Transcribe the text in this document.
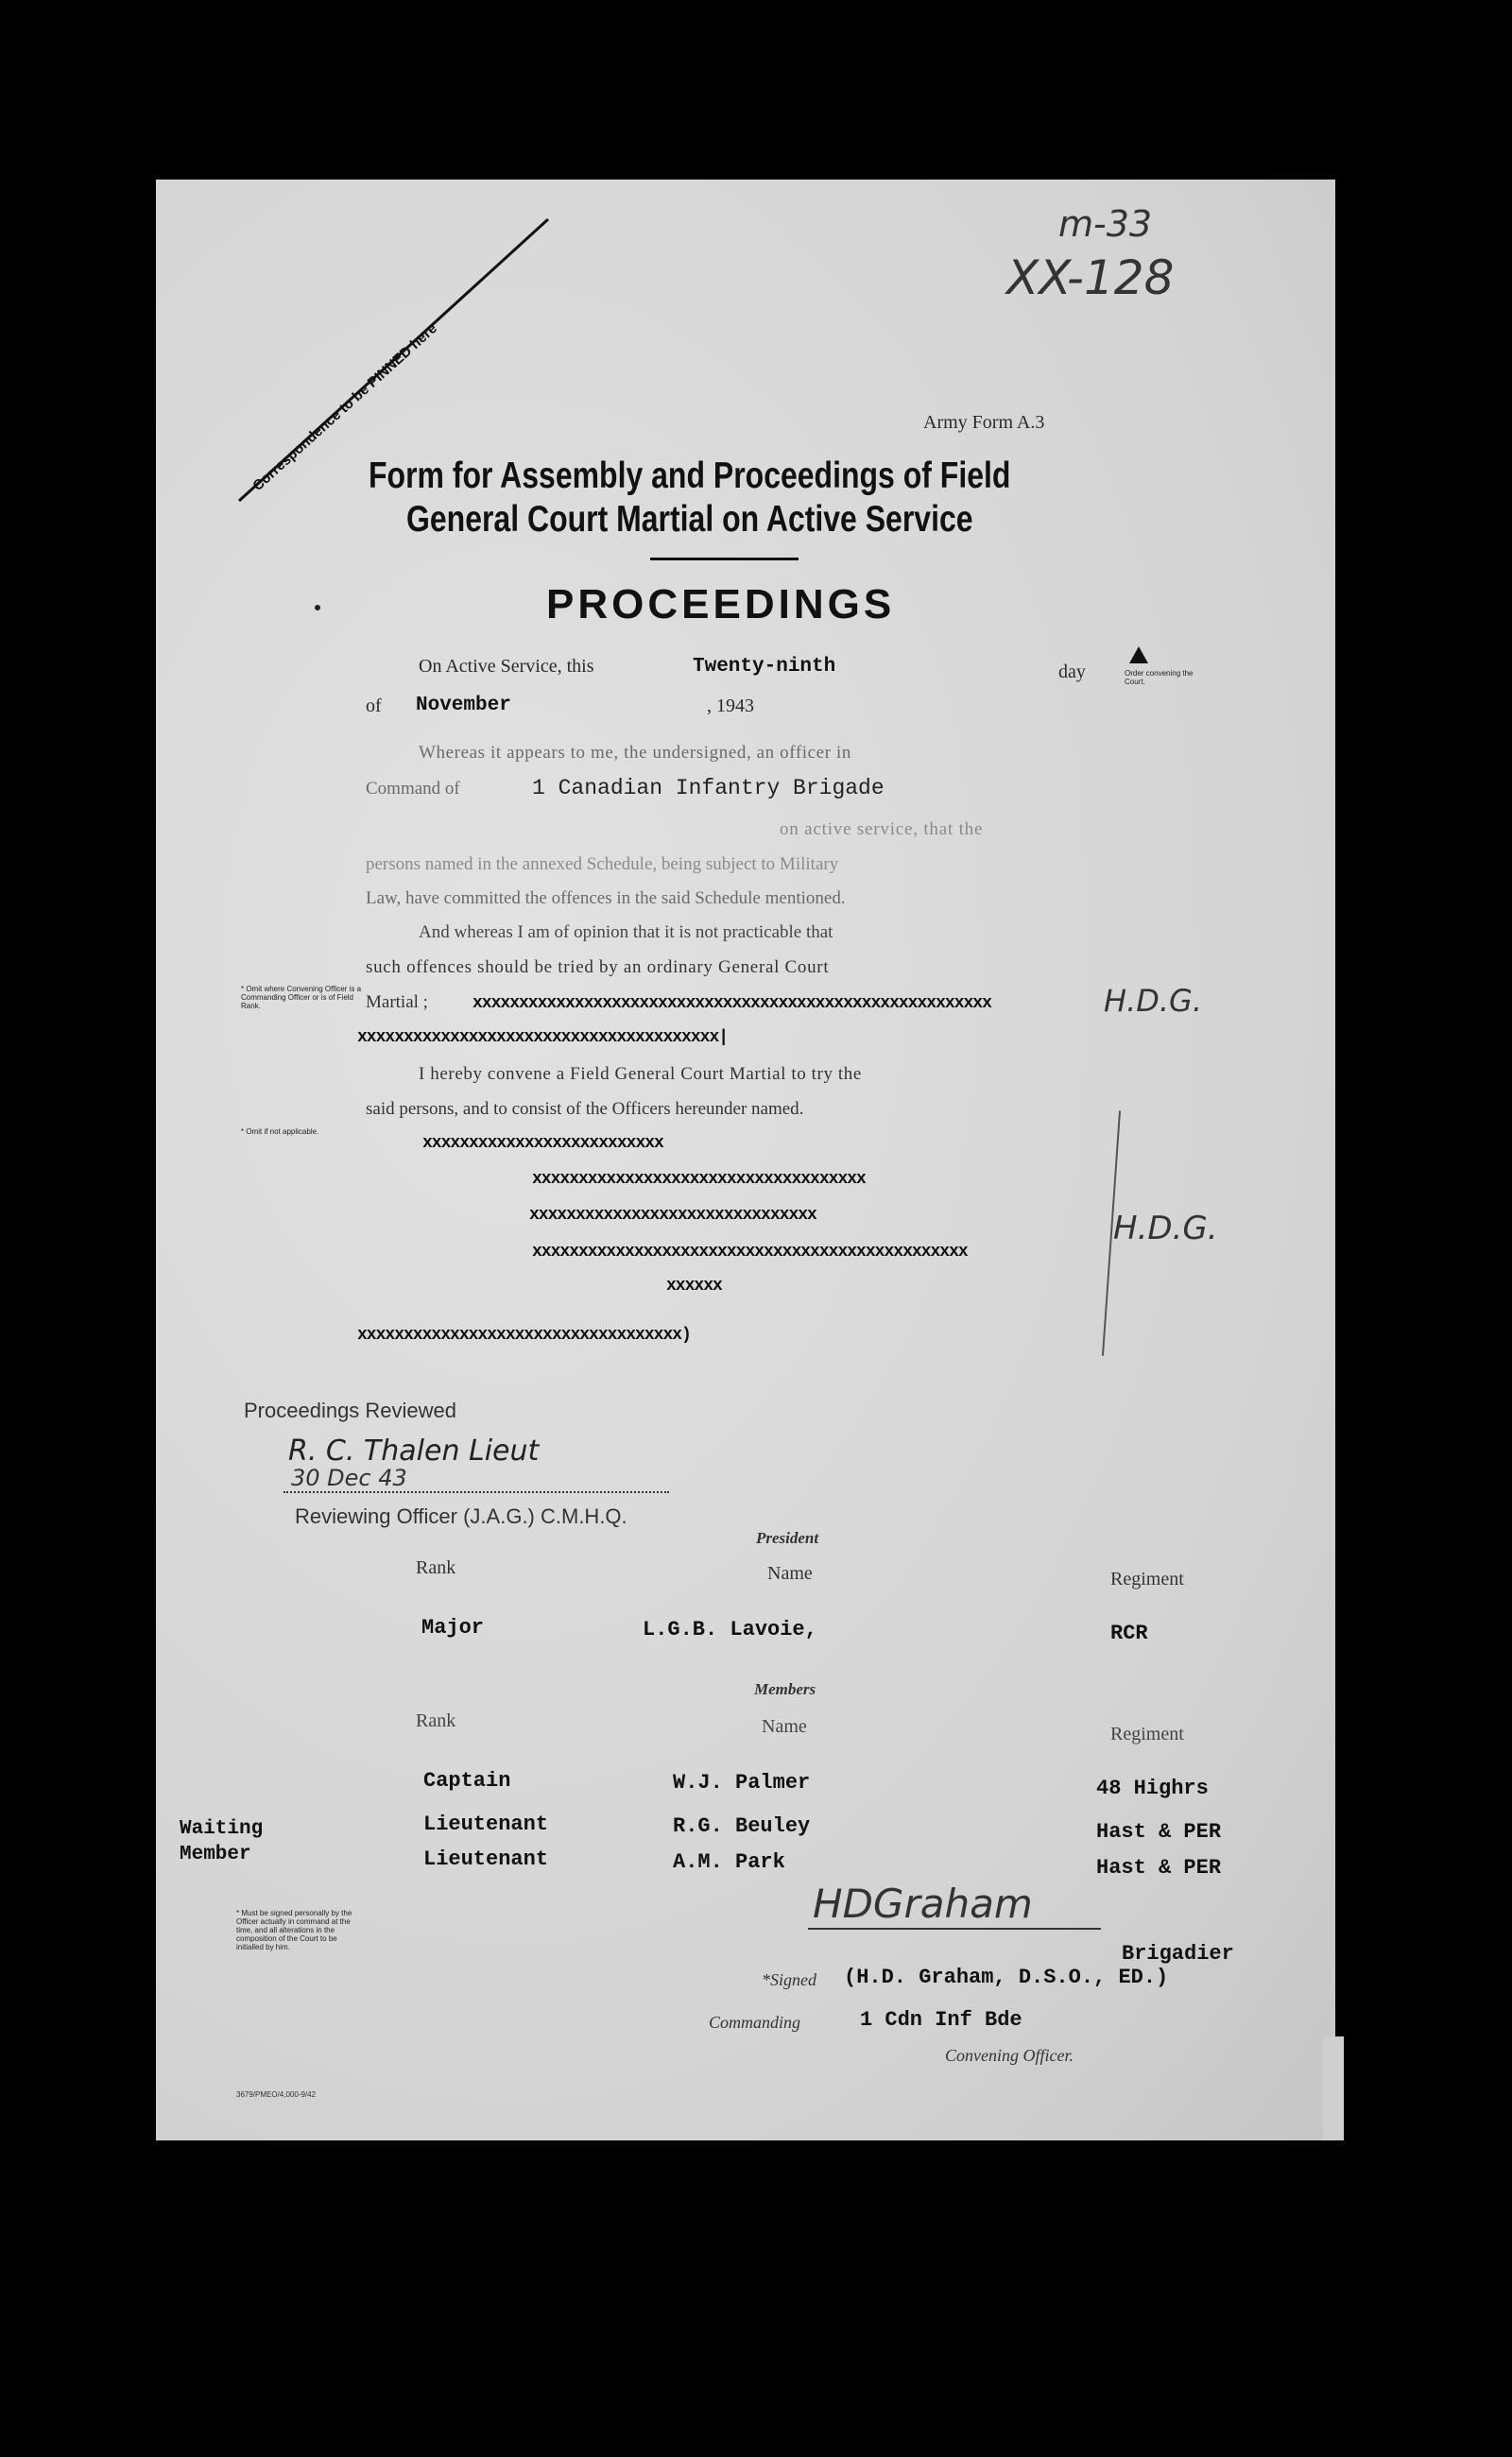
Correspondence to be PINNED here
m-33
XX-128
Army Form A.3
Form for Assembly and Proceedings of Field
General Court Martial on Active Service
PROCEEDINGS
On Active Service, this	Twenty-ninth	day	Order convening the Court.
of November	, 1943
Whereas it appears to me, the undersigned, an officer in
Command of	1 Canadian Infantry Brigade
on active service, that the
persons named in the annexed Schedule, being subject to Military
Law, have committed the offences in the said Schedule mentioned.
And whereas I am of opinion that it is not practicable that
such offences should be tried by an ordinary General Court
Martial ;
* Omit where Convening Officer is a Commanding Officer or is of Field Rank.	xxxxxxxxxxxxxxxxxxxxxxxxxxxxxxxxxxxxxxxxxxxxxxxxxxxxxxxx
xxxxxxxxxxxxxxxxxxxxxxxxxxxxxxxxxxxxxxx|
H.D.G.
I hereby convene a Field General Court Martial to try the
said persons, and to consist of the Officers hereunder named.
* Omit if not applicable.
xxxxxxxxxxxxxxxxxxxxxxxxxx
xxxxxxxxxxxxxxxxxxxxxxxxxxxxxxxxxxxx
xxxxxxxxxxxxxxxxxxxxxxxxxxxxxxx
xxxxxxxxxxxxxxxxxxxxxxxxxxxxxxxxxxxxxxxxxxxxxxx
xxxxxx
xxxxxxxxxxxxxxxxxxxxxxxxxxxxxxxxxxx)
H.D.G.
Proceedings Reviewed
R. C. Thalen Lieut
30 Dec 43
Reviewing Officer (J.A.G.) C.M.H.Q.
President
Rank	Name	Regiment
Major	L.G.B. Lavoie,	RCR
Members
Rank	Name	Regiment
Captain	W.J. Palmer	48 Highrs
Waiting Member
Lieutenant	R.G. Beuley	Hast & PER
Lieutenant	A.M. Park	Hast & PER
* Must be signed personally by the Officer actually in command at the time, and all alterations in the composition of the Court to be initialled by him.
HDGraham
Brigadier
*Signed (H.D. Graham, D.S.O., ED.)
Commanding	1 Cdn Inf Bde
Convening Officer.
3679/PMEO/4,000-9/42
